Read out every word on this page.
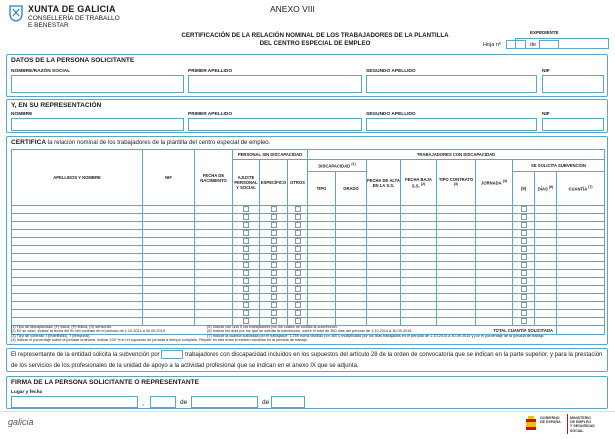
XUNTA DE GALICIA
CONSELLERÍA DE TRABALLO
E BENESTAR
ANEXO VIII
EXPEDIENTE
CERTIFICACIÓN DE LA RELACIÓN NOMINAL DE LOS TRABAJADORES DE LA PLANTILLA
DEL CENTRO ESPECIAL DE EMPLEO	Hoja nº	de
DATOS DE LA PERSONA SOLICITANTE
NOMBRE/RAZÓN SOCIAL	PRIMER APELLIDO	SEGUNDO APELLIDO	NIF
Y, EN SU REPRESENTACIÓN
NOMBRE	PRIMER APELLIDO	SEGUNDO APELLIDO	NIF
CERTIFICA la relación nominal de los trabajadores de la plantilla del centro especial de empleo.
APELLIDOS Y NOMBRE	NIF	FECHA DE NACIMIENTO	PERSONAL SIN DISCAPACIDAD			TRABAJADORES CON DISCAPACIDAD								
			AJUSTE PERSONAL Y SOCIAL	ESPECÍFICO	OTROS	DISCAPACIDAD $^{(1)}$		FECHA DE ALTA EN LA S.S.	FECHA BAJA S.S. $^{(2)}$	TIPO CONTRATO $^{(3)}$	JORNADA $^{(4)}$	SE SOLICITA SUBVENCIÓN		
						TIPO	GRADO					(5)	DÍAS $^{(6)}$	CUANTÍA $^{(7)}$

TOTAL CUANTÍA SOLICITADA														
(1) Tipo de discapacidad: (F) física, (P) fiísica, (S) sensorial.
(2) En su caso, indicar la fecha del fin del contrato en el período de 1.10.2014 a 30.09.2015.
(3) Tipo de contrato: I (indefinido), T (temporal).
(4) Indicar el porcentaje sobre la jornada ordinaria. Indicar 100 % en el supuesto de jornada a tiempo completo. Repetir en otra línea si existen cambios en la jornada de trabajo.
(5) Indicar con una X los trabajadores por los cuales se solicita la subvención.
(6) Indicar los días por los que se solicita la subvención, sobre el total de 360 días del período de 1.10.2014 a 30.09.2015.
(7) Indicar la cuantía solicitada por el trabajador: 1.259 euros dividido por 360 y multiplicado por los días trabajados en el período de 1.10.2014 a 30.09.2015 y por el porcentaje de la jornada de trabajo.
El representante de la entidad solicita la subvención por	trabajadores con discapacidad incluidos en los supuestos del artículo 28 de la orden de convocatoria que se indican en la parte superior, y para la prestación de los servicios de los profesionales de la unidad de apoyo a la actividad profesional que se indican en el anexo IX que se adjunta.
FIRMA DE LA PERSONA SOLICITANTE O REPRESENTANTE
Lugar y fecha
,	de	de
galicia	GOBIERNO
DE ESPAÑA
MINISTERIO
DE EMPLEO
Y SEGURIDAD SOCIAL
